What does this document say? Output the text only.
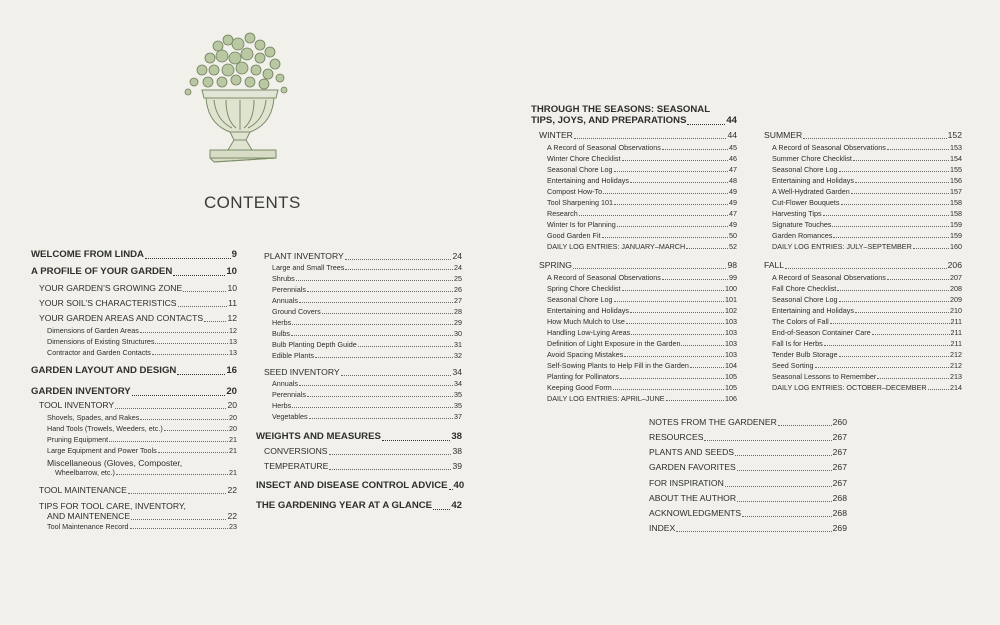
CONTENTS
WELCOME FROM LINDA	9
A PROFILE OF YOUR GARDEN	10
YOUR GARDEN’S GROWING ZONE	10
YOUR SOIL’S CHARACTERISTICS	11
YOUR GARDEN AREAS AND CONTACTS	12
Dimensions of Garden Areas	12
Dimensions of Existing Structures	13
Contractor and Garden Contacts	13
GARDEN LAYOUT AND DESIGN	16
GARDEN INVENTORY	20
TOOL INVENTORY	20
Shovels, Spades, and Rakes	20
Hand Tools (Trowels, Weeders, etc.)	20
Pruning Equipment	21
Large Equipment and Power Tools	21
Miscellaneous (Gloves, Composter,
Wheelbarrow, etc.)	21
TOOL MAINTENANCE	22
TIPS FOR TOOL CARE, INVENTORY,
AND MAINTENENCE	22
Tool Maintenance Record	23
PLANT INVENTORY	24
Large and Small Trees	24
Shrubs	25
Perennials	26
Annuals	27
Ground Covers	28
Herbs	29
Bulbs	30
Bulb Planting Depth Guide	31
Edible Plants	32
SEED INVENTORY	34
Annuals	34
Perennials	35
Herbs	35
Vegetables	37
WEIGHTS AND MEASURES	38
CONVERSIONS	38
TEMPERATURE	39
INSECT AND DISEASE CONTROL ADVICE 40
THE GARDENING YEAR AT A GLANCE 42
THROUGH THE SEASONS: SEASONAL
TIPS, JOYS, AND PREPARATIONS	44
WINTER	44
A Record of Seasonal Observations	45
Winter Chore Checklist	46
Seasonal Chore Log	47
Entertaining and Holidays	48
Compost How-To	49
Tool Sharpening 101	49
Research	47
Winter Is for Planning	49
Good Garden Fit	50
DAILY LOG ENTRIES: JANUARY–MARCH	52
SPRING	98
A Record of Seasonal Observations	99
Spring Chore Checklist	100
Seasonal Chore Log	101
Entertaining and Holidays	102
How Much Mulch to Use	103
Handling Low-Lying Areas	103
Definition of Light Exposure in the Garden	103
Avoid Spacing Mistakes	103
Self-Sowing Plants to Help Fill in the Garden	104
Planting for Pollinators	105
Keeping Good Form	105
DAILY LOG ENTRIES: APRIL–JUNE	106
SUMMER	152
A Record of Seasonal Observations	153
Summer Chore Checklist	154
Seasonal Chore Log	155
Entertaining and Holidays	156
A Well-Hydrated Garden	157
Cut-Flower Bouquets	158
Harvesting Tips	158
Signature Touches	159
Garden Romances	159
DAILY LOG ENTRIES: JULY–SEPTEMBER	160
FALL	206
A Record of Seasonal Observations	207
Fall Chore Checklist	208
Seasonal Chore Log	209
Entertaining and Holidays	210
The Colors of Fall	211
End-of-Season Container Care	211
Fall Is for Herbs	211
Tender Bulb Storage	212
Seed Sorting	212
Seasonal Lessons to Remember	213
DAILY LOG ENTRIES: OCTOBER–DECEMBER	214
NOTES FROM THE GARDENER	260
RESOURCES	267
PLANTS AND SEEDS	267
GARDEN FAVORITES	267
FOR INSPIRATION	267
ABOUT THE AUTHOR	268
ACKNOWLEDGMENTS	268
INDEX	269
